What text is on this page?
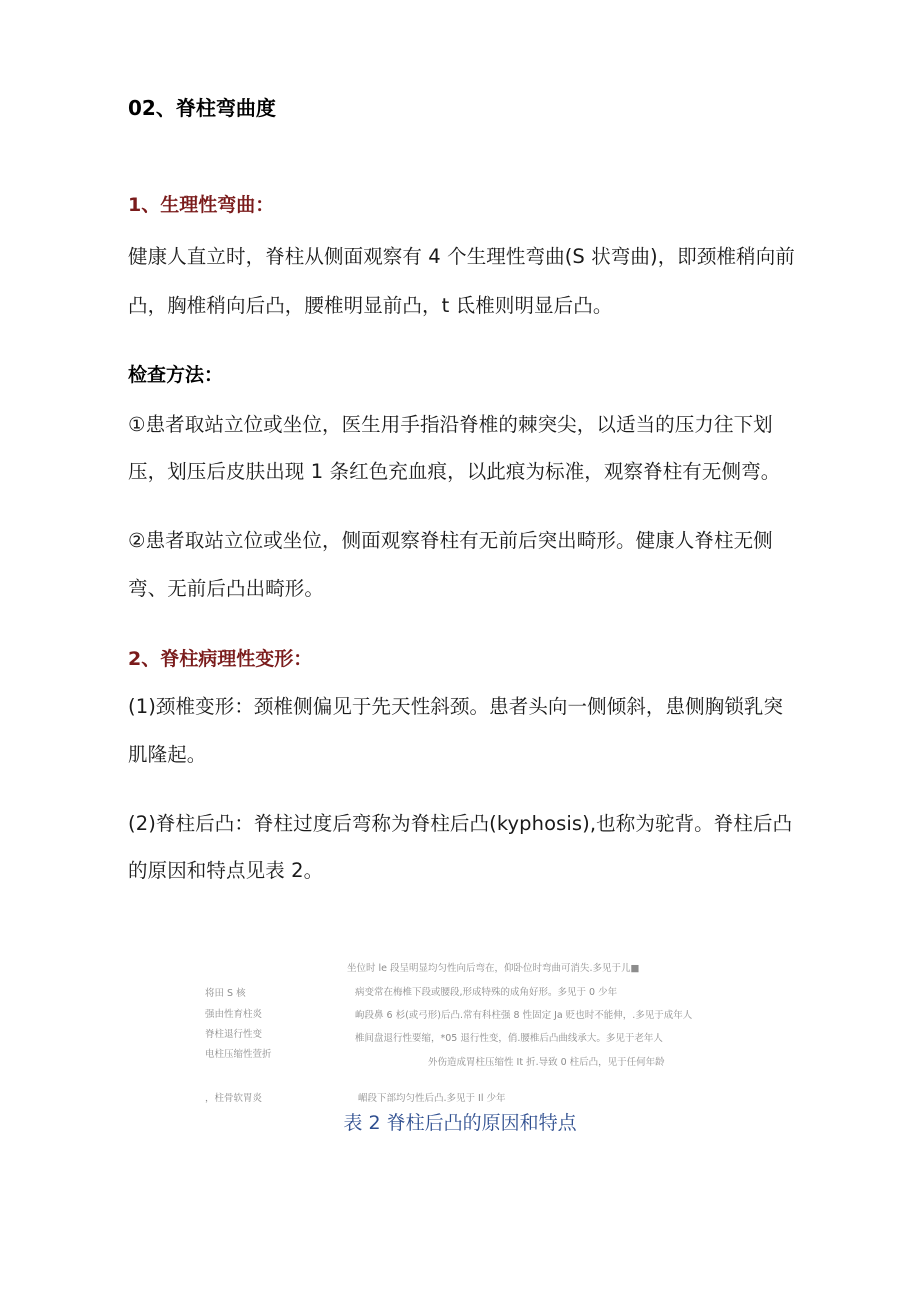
02、脊柱弯曲度
1、生理性弯曲：
健康人直立时，脊柱从侧面观察有 4 个生理性弯曲(S 状弯曲)，即颈椎稍向前
凸，胸椎稍向后凸，腰椎明显前凸，t 氐椎则明显后凸。
检查方法：
①患者取站立位或坐位，医生用手指沿脊椎的棘突尖，以适当的压力往下划
压，划压后皮肤出现 1 条红色充血痕，以此痕为标准，观察脊柱有无侧弯。
②患者取站立位或坐位，侧面观察脊柱有无前后突出畸形。健康人脊柱无侧
弯、无前后凸出畸形。
2、脊柱病理性变形：
(1)颈椎变形：颈椎侧偏见于先天性斜颈。患者头向一侧倾斜，患侧胸锁乳突
肌隆起。
(2)脊柱后凸：脊柱过度后弯称为脊柱后凸(kyphosis),也称为驼背。脊柱后凸
的原因和特点见表 2。
坐位时 le 段呈明显均匀性向后弯在，仰卧位时弯曲可消失.多见于儿■
将田 S 核
强由性育柱炎
脊柱退行性变
电柱压缩性萱折
，柱骨软胃炎
病变常在梅椎下段或腰段,形成特殊的成角好形。多见于 0 少年
岣段鼻 6 杉(或弓形)后凸.常有科柱强 8 性固定 Ja 贬也时不能伸，.多见于成年人
椎间盘退行性要缩，*05 退行性变，俏.腰椎后凸曲线承大。多见于老年人
外伤造成胃柱压缩性 It 折.导致 0 柱后凸，见于任何年龄
嵋段下部均匀性后凸.多见于 Il 少年
表 2 脊柱后凸的原因和特点
